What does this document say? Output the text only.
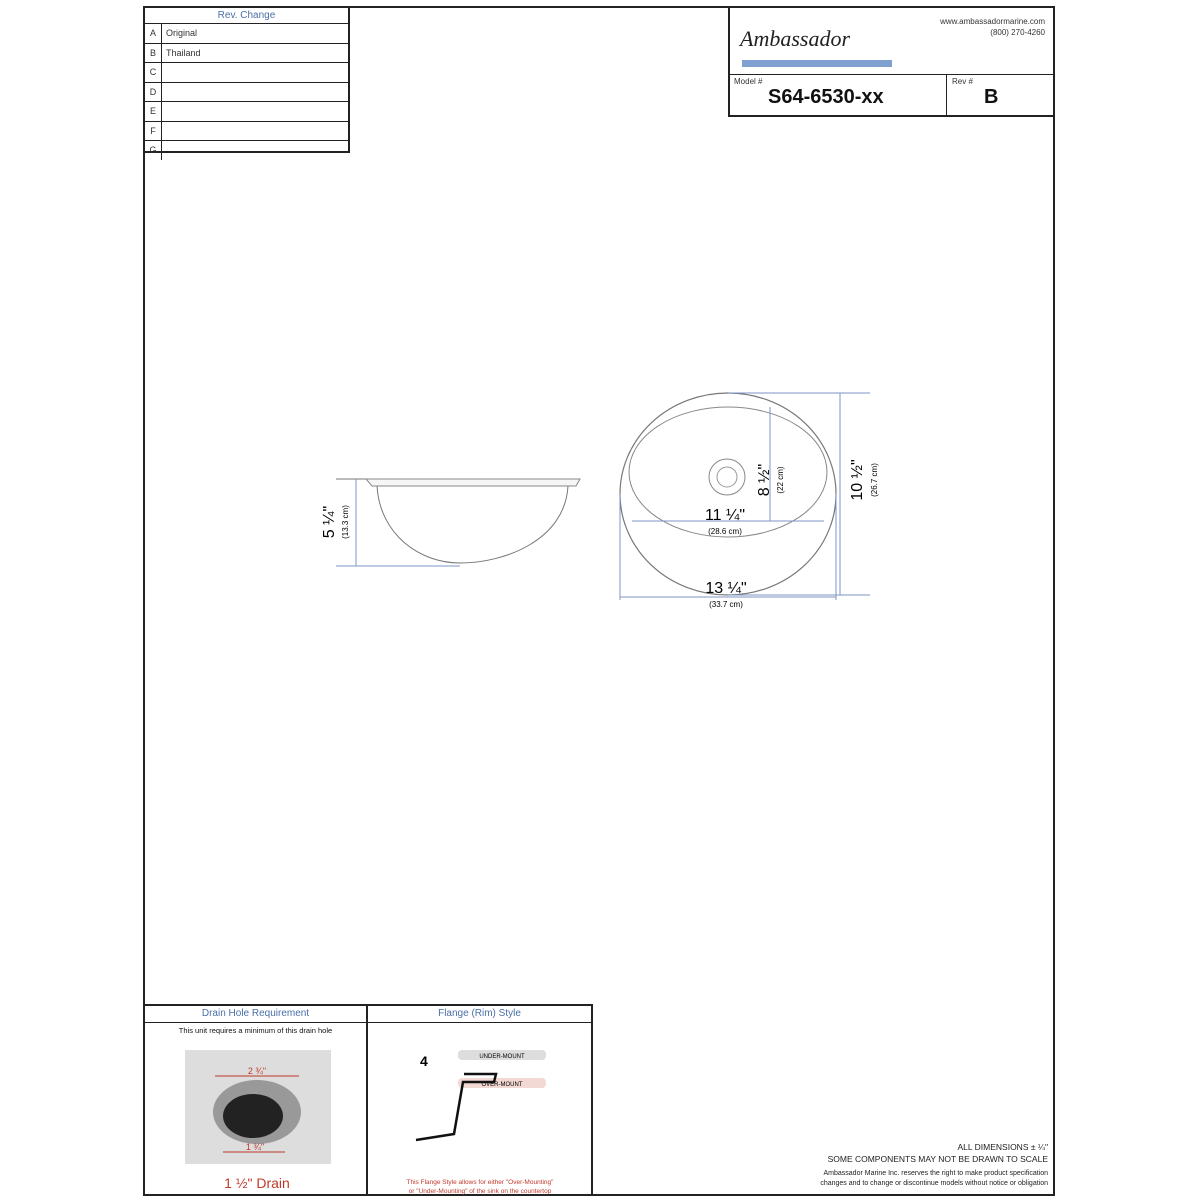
Rev. Change
A	Original
B	Thailand
C
D
E
F
G
Ambassador
www.ambassadormarine.com
(800) 270-4260
Model #
S64-6530-xx
Rev #
B
5 ¼" (13.3 cm)	11 ¼"
(28.6 cm)
8 ½" (22 cm)	10 ½" (26.7 cm)
13 ¼"
(33.7 cm)
Drain Hole Requirement
This unit requires a minimum of this drain hole
2 ¾"
1 ¾"
1 ½" Drain
Flange (Rim) Style
4	UNDER-MOUNT
OVER-MOUNT
This Flange Style allows for either "Over-Mounting"
or "Under-Mounting" of the sink on the countertop
ALL DIMENSIONS ± ¼"
SOME COMPONENTS MAY NOT BE DRAWN TO SCALE
Ambassador Marine Inc. reserves the right to make product specification
changes and to change or discontinue models without notice or obligation
